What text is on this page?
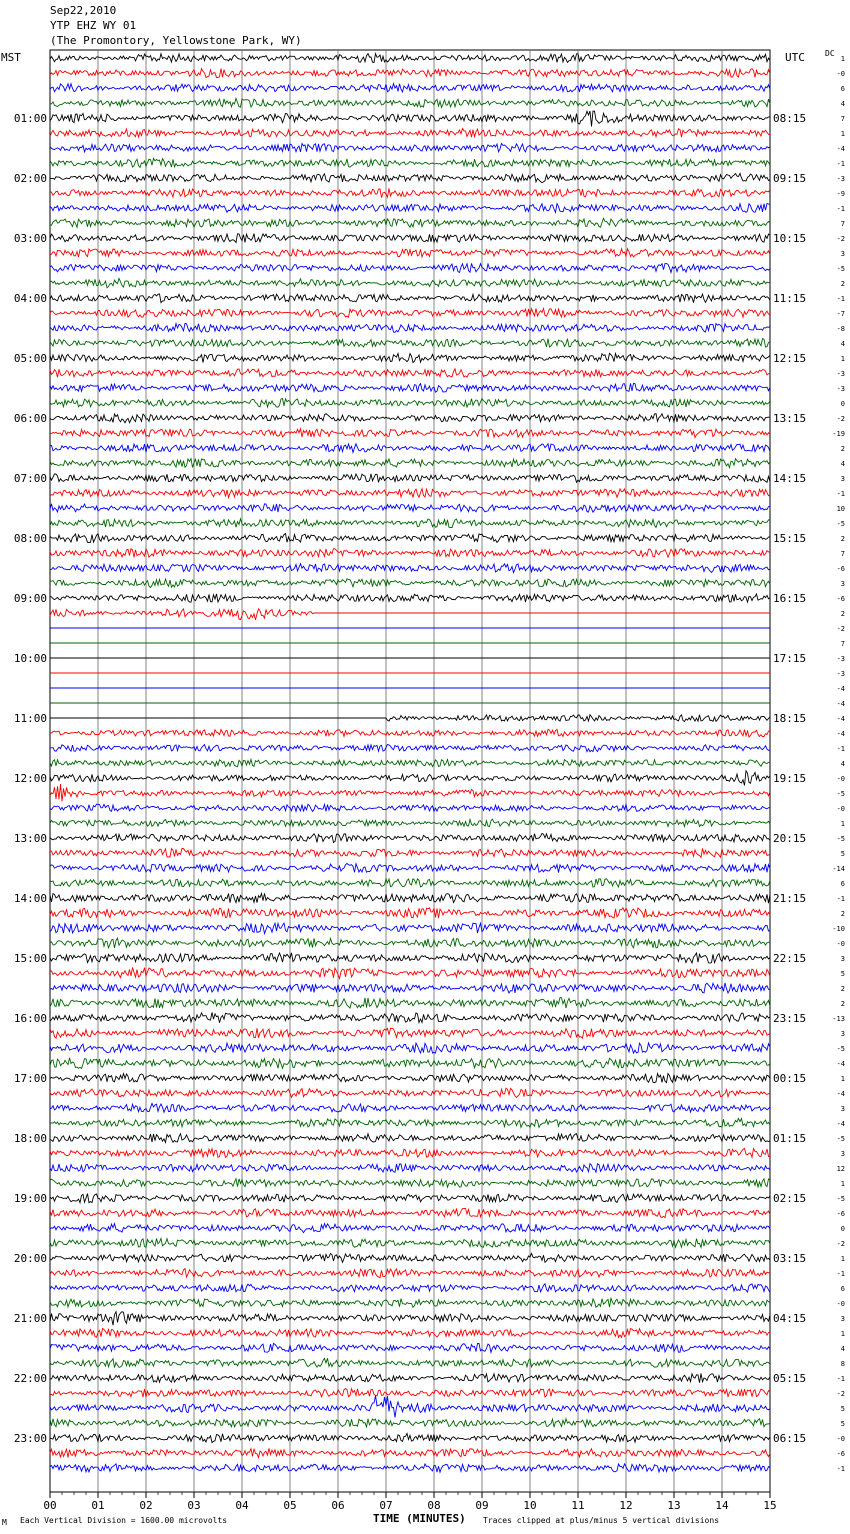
Sep22,2010
YTP EHZ WY 01
(The Promontory, Yellowstone Park, WY)
MST	UTC	DC
00	01	02	03	04	05	06	07	08	09	10	11	12	13	14	15
01:00	08:15
02:00	09:15
03:00	10:15
04:00	11:15
05:00	12:15
06:00	13:15
07:00	14:15
08:00	15:15
09:00	16:15
10:00	17:15
11:00	18:15
12:00	19:15
13:00	20:15
14:00	21:15
15:00	22:15
16:00	23:15
17:00	00:15
18:00	01:15
19:00	02:15
20:00	03:15
21:00	04:15
22:00	05:15
23:00	06:15
1
-0
6
4
7
1
-4
-1
-3
-9
-1
7
-2
3
-5
2
-1
-7
-8
4
1
-3
-3
0
-2
-19
2
4
3
-1
10
-5
2
7
-6
3
-6
2
-2
7
-3
-3
-4
-4
-4
-4
-1
4
-0
-5
-0
1
-5
5
-14
6
-1
2
-10
-0
3
5
2
2
-13
3
-5
-4
1
-4
3
-4
-5
3
12
1
-5
-6
0
-2
1
-1
6
-0
3
1
4
8
-1
-2
5
5
-0
-6
-1
M Each Vertical Division = 1600.00 microvolts	TIME (MINUTES) Traces clipped at plus/minus 5 vertical divisions
